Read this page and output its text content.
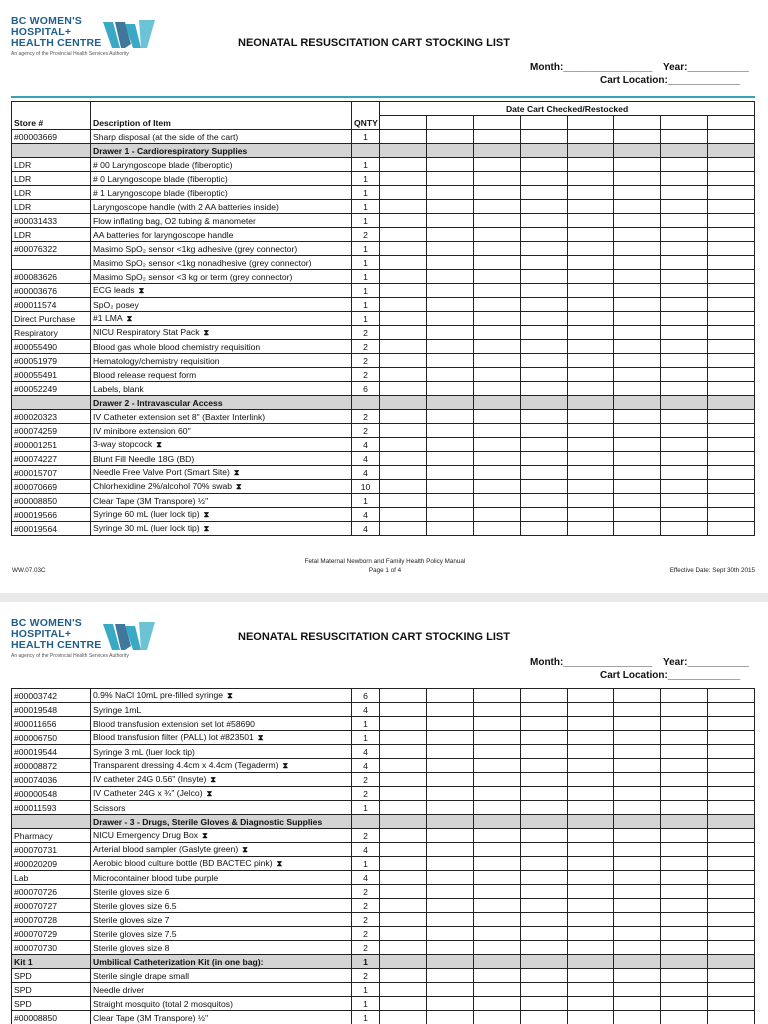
BC WOMEN'S
HOSPITAL+
HEALTH CENTRE
An agency of the Provincial Health Services Authority
NEONATAL RESUSCITATION CART STOCKING LIST
Month:________________ Year:___________
Cart Location:_____________
Store #	Description of Item	QNTY	Date Cart Checked/Restocked							

#00003669	Sharp disposal (at the side of the cart)	1								
	Drawer 1 - Cardiorespiratory Supplies									
LDR	# 00 Laryngoscope blade (fiberoptic)	1								
LDR	# 0 Laryngoscope blade (fiberoptic)	1								
LDR	# 1 Laryngoscope blade (fiberoptic)	1								
LDR	Laryngoscope handle (with 2 AA batteries inside)	1								
#00031433	Flow inflating bag, O2 tubing & manometer	1								
LDR	AA batteries for laryngoscope handle	2								
#00076322	Masimo SpO₂ sensor <1kg adhesive (grey connector)	1								
	Masimo SpO₂ sensor <1kg nonadhesive (grey connector)	1								
#00083626	Masimo SpO₂ sensor <3 kg or term (grey connector)	1								
#00003676	ECG leads ⧗	1								
#00011574	SpO₂ posey	1								
Direct Purchase	#1 LMA ⧗	1								
Respiratory	NICU Respiratory Stat Pack ⧗	2								
#00055490	Blood gas whole blood chemistry requisition	2								
#00051979	Hematology/chemistry requisition	2								
#00055491	Blood release request form	2								
#00052249	Labels, blank	6								
	Drawer 2 - Intravascular Access									
#00020323	IV Catheter extension set 8" (Baxter Interlink)	2								
#00074259	IV minibore extension 60"	2								
#00001251	3-way stopcock ⧗	4								
#00074227	Blunt Fill Needle 18G (BD)	4								
#00015707	Needle Free Valve Port (Smart Site) ⧗	4								
#00070669	Chlorhexidine 2%/alcohol 70% swab ⧗	10								
#00008850	Clear Tape (3M Transpore) ½"	1								
#00019566	Syringe 60 mL (luer lock tip) ⧗	4								
#00019564	Syringe 30 mL (luer lock tip) ⧗	4								
WW.07.03C
Fetal Maternal Newborn and Family Health Policy Manual
Page 1 of 4	Effective Date: Sept 30th 2015
BC WOMEN'S
HOSPITAL+
HEALTH CENTRE
An agency of the Provincial Health Services Authority
NEONATAL RESUSCITATION CART STOCKING LIST
Month:________________ Year:___________
Cart Location:_____________
#00003742	0.9% NaCl 10mL pre-filled syringe ⧗	6								
#00019548	Syringe 1mL	4								
#00011656	Blood transfusion extension set lot #58690	1								
#00006750	Blood transfusion filter (PALL) lot #823501 ⧗	1								
#00019544	Syringe 3 mL (luer lock tip)	4								
#00008872	Transparent dressing 4.4cm x 4.4cm (Tegaderm) ⧗	4								
#00074036	IV catheter 24G 0.56" (Insyte) ⧗	2								
#00000548	IV Catheter 24G x ¾" (Jelco) ⧗	2								
#00011593	Scissors	1								
	Drawer - 3 - Drugs, Sterile Gloves & Diagnostic Supplies									
Pharmacy	NICU Emergency Drug Box ⧗	2								
#00070731	Arterial blood sampler (Gaslyte green) ⧗	4								
#00020209	Aerobic blood culture bottle (BD BACTEC pink) ⧗	1								
Lab	Microcontainer blood tube purple	4								
#00070726	Sterile gloves size 6	2								
#00070727	Sterile gloves size 6.5	2								
#00070728	Sterile gloves size 7	2								
#00070729	Sterile gloves size 7.5	2								
#00070730	Sterile gloves size 8	2								
Kit 1	Umbilical Catheterization Kit (in one bag):	1								
SPD	Sterile single drape small	2								
SPD	Needle driver	1								
SPD	Straight mosquito (total 2 mosquitos)	1								
#00008850	Clear Tape (3M Transpore) ½"	1								
